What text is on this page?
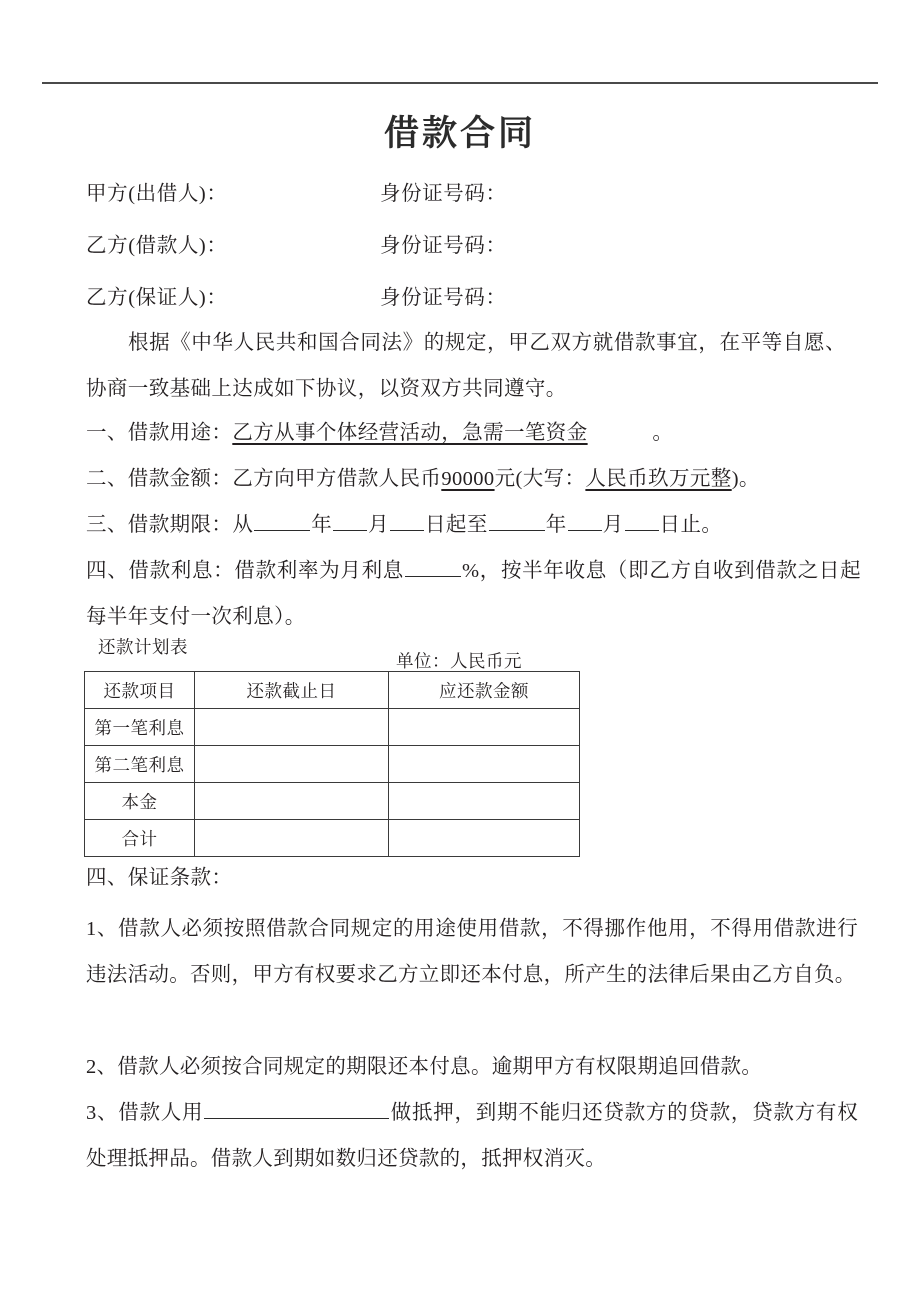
借款合同
甲方(出借人)：	身份证号码：
乙方(借款人)：	身份证号码：
乙方(保证人)：	身份证号码：
根据《中华人民共和国合同法》的规定，甲乙双方就借款事宜，在平等自愿、协商一致基础上达成如下协议，以资双方共同遵守。
一、借款用途：乙方从事个体经营活动，急需一笔资金	。
二、借款金额：乙方向甲方借款人民币90000元(大写：人民币玖万元整)。
三、借款期限：从	年 月 日起至	年 月 日止。
四、借款利息：借款利率为月利息	%，按半年收息（即乙方自收到借款之日起每半年支付一次利息）。
还款计划表
单位：人民币元
还款项目	还款截止日	应还款金额
第一笔利息		
第二笔利息		
本金		
合计		
四、保证条款：
1、借款人必须按照借款合同规定的用途使用借款，不得挪作他用，不得用借款进行违法活动。否则，甲方有权要求乙方立即还本付息，所产生的法律后果由乙方自负。
2、借款人必须按合同规定的期限还本付息。逾期甲方有权限期追回借款。
3、借款人用	做抵押，到期不能归还贷款方的贷款，贷款方有权处理抵押品。借款人到期如数归还贷款的，抵押权消灭。
